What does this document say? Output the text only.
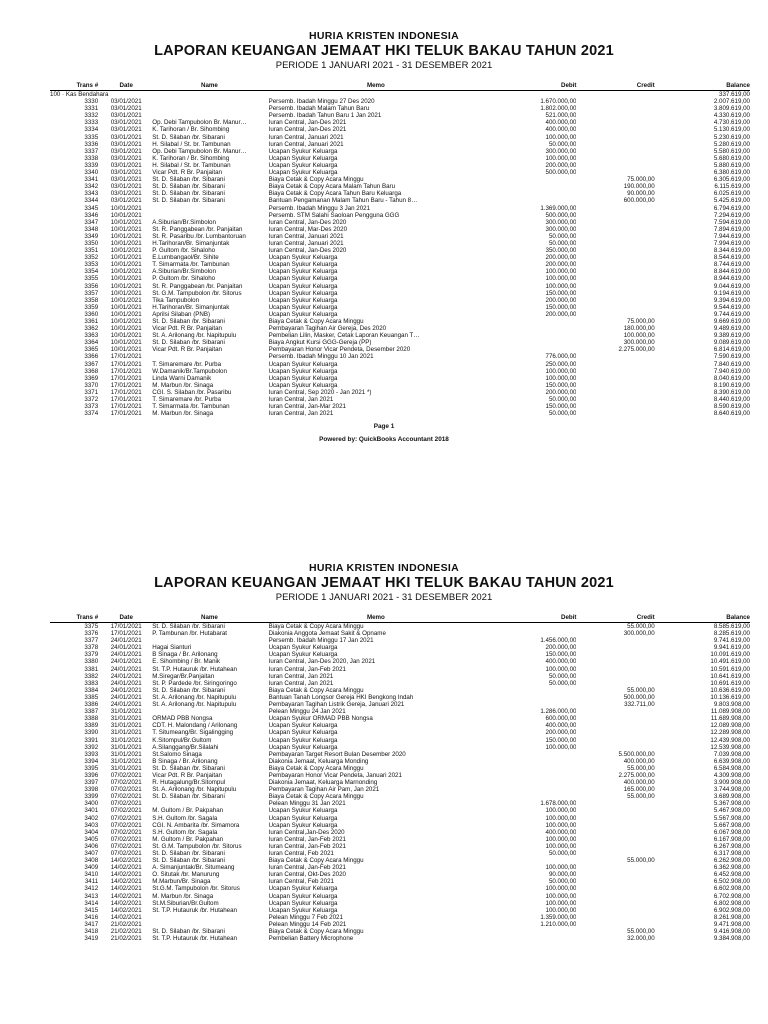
HURIA KRISTEN INDONESIA
LAPORAN KEUANGAN JEMAAT HKI TELUK BAKAU TAHUN 2021
PERIODE 1 JANUARI 2021 - 31 DESEMBER 2021
Trans #	Date	Name	Memo	Debit	Credit	Balance
100 · Kas Bendahara						337.619,00
3330	03/01/2021		Persemb. Ibadah Minggu 27 Des 2020	1.670.000,00		2.007.619,00
3331	03/01/2021		Persemb. Ibadah Malam Tahun Baru	1.802.000,00		3.809.619,00
3332	03/01/2021		Persemb. Ibadah Tahun Baru 1 Jan 2021	521.000,00		4.330.619,00
3333	03/01/2021	Op. Debi Tampubolon Br. Manur…	Iuran Central, Jan-Des 2021	400.000,00		4.730.619,00
3334	03/01/2021	K. Tarihoran / Br. Sihombing	Iuran Central, Jan-Des 2021	400.000,00		5.130.619,00
3335	03/01/2021	St. D. Silaban /br. Sibarani	Iuran Central, Januari 2021	100.000,00		5.230.619,00
3336	03/01/2021	H. Silabal / St. br. Tambunan	Iuran Central, Januari 2021	50.000,00		5.280.619,00
3337	03/01/2021	Op. Debi Tampubolon Br. Manur…	Ucapan Syukur Keluarga	300.000,00		5.580.619,00
3338	03/01/2021	K. Tarihoran / Br. Sihombing	Ucapan Syukur Keluarga	100.000,00		5.680.619,00
3339	03/01/2021	H. Silabal / St. br. Tambunan	Ucapan Syukur Keluarga	200.000,00		5.880.619,00
3340	03/01/2021	Vicar Pdt. R Br. Panjaitan	Ucapan Syukur Keluarga	500.000,00		6.380.619,00
3341	03/01/2021	St. D. Silaban /br. Sibarani	Biaya Cetak & Copy Acara Minggu		75.000,00	6.305.619,00
3342	03/01/2021	St. D. Silaban /br. Sibarani	Biaya Cetak & Copy Acara Malam Tahun Baru		190.000,00	6.115.619,00
3343	03/01/2021	St. D. Silaban /br. Sibarani	Biaya Cetak & Copy Acara Tahun Baru Keluarga		90.000,00	6.025.619,00
3344	03/01/2021	St. D. Silaban /br. Sibarani	Bantuan Pengamanan Malam Tahun Baru - Tahun 8…		600.000,00	5.425.619,00
3345	10/01/2021		Persemb. Ibadah Minggu 3 Jan 2021	1.369.000,00		6.794.619,00
3346	10/01/2021		Persemb. STM Salahi Saoloan Pengguna GGG	500.000,00		7.294.619,00
3347	10/01/2021	A.Siburian/Br.Simbolon	Iuran Central, Jan-Des 2020	300.000,00		7.594.619,00
3348	10/01/2021	St. R. Panggabean /br. Panjaitan	Iuran Central, Mar-Des 2020	300.000,00		7.894.619,00
3349	10/01/2021	St. R. Pasaribu /br. Lumbantoruan	Iuran Central, Januari 2021	50.000,00		7.944.619,00
3350	10/01/2021	H.Tarihoran/Br. Simanjuntak	Iuran Central, Januari 2021	50.000,00		7.994.619,00
3351	10/01/2021	P. Gultom /br. Sihaloho	Iuran Central, Jan-Des 2020	350.000,00		8.344.619,00
3352	10/01/2021	E.Lumbangaol/Br. Sihite	Ucapan Syukur Keluarga	200.000,00		8.544.619,00
3353	10/01/2021	T. Simarmata /br. Tambunan	Ucapan Syukur Keluarga	200.000,00		8.744.619,00
3354	10/01/2021	A.Siburian/Br.Simbolon	Ucapan Syukur Keluarga	100.000,00		8.844.619,00
3355	10/01/2021	P. Gultom /br. Sihaloho	Ucapan Syukur Keluarga	100.000,00		8.944.619,00
3356	10/01/2021	St. R. Panggabean /br. Panjaitan	Ucapan Syukur Keluarga	100.000,00		9.044.619,00
3357	10/01/2021	St. G.M. Tampubolon /br. Sitorus	Ucapan Syukur Keluarga	150.000,00		9.194.619,00
3358	10/01/2021	Tika Tampubolon	Ucapan Syukur Keluarga	200.000,00		9.394.619,00
3359	10/01/2021	H.Tarihoran/Br. Simanjuntak	Ucapan Syukur Keluarga	150.000,00		9.544.619,00
3360	10/01/2021	Aprilsi Silaban (PNB)	Ucapan Syukur Keluarga	200.000,00		9.744.619,00
3361	10/01/2021	St. D. Silaban /br. Sibarani	Biaya Cetak & Copy Acara Minggu		75.000,00	9.669.619,00
3362	10/01/2021	Vicar Pdt. R Br. Panjaitan	Pembayaran Tagihan Air Gereja, Des 2020		180.000,00	9.489.619,00
3363	10/01/2021	St. A. Arilonang /br. Napitupulu	Pembelian Lilin, Masker, Cetak Laporan Keuangan T…		100.000,00	9.389.619,00
3364	10/01/2021	St. D. Silaban /br. Sibarani	Biaya Angkut Kursi GGG-Gereja (PP)		300.000,00	9.089.619,00
3365	10/01/2021	Vicar Pdt. R Br. Panjaitan	Pembayaran Honor Vicar Pendeta, Desember 2020		2.275.000,00	6.814.619,00
3366	17/01/2021		Persemb. Ibadah Minggu 10 Jan 2021	776.000,00		7.590.619,00
3367	17/01/2021	T. Simaremare /br. Purba	Ucapan Syukur Keluarga	250.000,00		7.840.619,00
3368	17/01/2021	W.Damanik/Br.Tampubolon	Ucapan Syukur Keluarga	100.000,00		7.940.619,00
3369	17/01/2021	Linda Warni Damanik	Ucapan Syukur Keluarga	100.000,00		8.040.619,00
3370	17/01/2021	M. Marbun /br. Sinaga	Ucapan Syukur Keluarga	150.000,00		8.190.619,00
3371	17/01/2021	CGI. S. Silaban /br. Pasaribu	Iuran Central, Sep 2020 - Jan 2021 *)	200.000,00		8.390.619,00
3372	17/01/2021	T. Simaremare /br. Purba	Iuran Central, Jan 2021	50.000,00		8.440.619,00
3373	17/01/2021	T. Simarmata /br. Tambunan	Iuran Central, Jan-Mar 2021	150.000,00		8.590.619,00
3374	17/01/2021	M. Marbun /br. Sinaga	Iuran Central, Jan 2021	50.000,00		8.640.619,00
Page 1
Powered by: QuickBooks Accountant 2018
HURIA KRISTEN INDONESIA
LAPORAN KEUANGAN JEMAAT HKI TELUK BAKAU TAHUN 2021
PERIODE 1 JANUARI 2021 - 31 DESEMBER 2021
Trans #	Date	Name	Memo	Debit	Credit	Balance
3375	17/01/2021	St. D. Silaban /br. Sibarani	Biaya Cetak & Copy Acara Minggu		55.000,00	8.585.619,00
3376	17/01/2021	P. Tambunan /br. Hutabarat	Diakonia Anggota Jemaat Sakit & Opname		300.000,00	8.285.619,00
3377	24/01/2021		Persemb. Ibadah Minggu 17 Jan 2021	1.456.000,00		9.741.619,00
3378	24/01/2021	Hagai Sianturi	Ucapan Syukur Keluarga	200.000,00		9.941.619,00
3379	24/01/2021	B Sinaga / Br. Arilonang	Ucapan Syukur Keluarga	150.000,00		10.091.619,00
3380	24/01/2021	E. Sihombing / Br. Manik	Iuran Central, Jan-Des 2020, Jan 2021	400.000,00		10.491.619,00
3381	24/01/2021	St. T.P. Hutauruk /br. Hutahean	Iuran Central, Jan-Feb 2021	100.000,00		10.591.619,00
3382	24/01/2021	M.Siregar/Br.Panjaitan	Iuran Central, Jan 2021	50.000,00		10.641.619,00
3383	24/01/2021	St. P. Pardede /br. Siringoringo	Iuran Central, Jan 2021	50.000,00		10.691.619,00
3384	24/01/2021	St. D. Silaban /br. Sibarani	Biaya Cetak & Copy Acara Minggu		55.000,00	10.636.619,00
3385	24/01/2021	St. A. Arilonang /br. Napitupulu	Bantuan Tanah Longsor Gereja HKI Bengkong Indah		500.000,00	10.136.619,00
3386	24/01/2021	St. A. Arilonang /br. Napitupulu	Pembayaran Tagihan Listrik Gereja, Januari 2021		332.711,00	9.803.908,00
3387	31/01/2021		Pelean Minggu 24 Jan 2021	1.286.000,00		11.089.908,00
3388	31/01/2021	ORMAD PBB Nongsa	Ucapan Syukur ORMAD PBB Nongsa	600.000,00		11.689.908,00
3389	31/01/2021	CDT. H. Malondang / Arilonang	Ucapan Syukur Keluarga	400.000,00		12.089.908,00
3390	31/01/2021	T. Situmeang/Br. Sigalingging	Ucapan Syukur Keluarga	200.000,00		12.289.908,00
3391	31/01/2021	K.Sitompul/Br.Gultom	Ucapan Syukur Keluarga	150.000,00		12.439.908,00
3392	31/01/2021	A.Silanggang/Br.Silalahi	Ucapan Syukur Keluarga	100.000,00		12.539.908,00
3393	31/01/2021	St.Salomo Sinaga	Pembayaran Target Resort Bulan Desember 2020		5.500.000,00	7.039.908,00
3394	31/01/2021	B Sinaga / Br. Arilonang	Diakonia Jemaat, Keluarga Monding		400.000,00	6.639.908,00
3395	31/01/2021	St. D. Silaban /br. Sibarani	Biaya Cetak & Copy Acara Minggu		55.000,00	6.584.908,00
3396	07/02/2021	Vicar Pdt. R Br. Panjaitan	Pembayaran Honor Vicar Pendeta, Januari 2021		2.275.000,00	4.309.908,00
3397	07/02/2021	R. Hutagalung/Br.Sitompul	Diakonia Jemaat, Keluarga Marnonding		400.000,00	3.909.908,00
3398	07/02/2021	St. A. Arilonang /br. Napitupulu	Pembayaran Tagihan Air Pam, Jan 2021		165.000,00	3.744.908,00
3399	07/02/2021	St. D. Silaban /br. Sibarani	Biaya Cetak & Copy Acara Minggu		55.000,00	3.689.908,00
3400	07/02/2021		Pelean Minggu 31 Jan 2021	1.678.000,00		5.367.908,00
3401	07/02/2021	M. Gultom / Br. Pakpahan	Ucapan Syukur Keluarga	100.000,00		5.467.908,00
3402	07/02/2021	S.H. Gultom /br. Sagala	Ucapan Syukur Keluarga	100.000,00		5.567.908,00
3403	07/02/2021	CGI. N. Ambarita /br. Simamora	Ucapan Syukur Keluarga	100.000,00		5.667.908,00
3404	07/02/2021	S.H. Gultom /br. Sagala	Iuran Central,Jan-Des 2020	400.000,00		6.067.908,00
3405	07/02/2021	M. Gultom / Br. Pakpahan	Iuran Central, Jan-Feb 2021	100.000,00		6.167.908,00
3406	07/02/2021	St. G.M. Tampubolon /br. Sitorus	Iuran Central, Jan-Feb 2021	100.000,00		6.267.908,00
3407	07/02/2021	St. D. Silaban /br. Sibarani	Iuran Central, Feb 2021	50.000,00		6.317.908,00
3408	14/02/2021	St. D. Silaban /br. Sibarani	Biaya Cetak & Copy Acara Minggu		55.000,00	6.262.908,00
3409	14/02/2021	A. Simanjuntak/Br. Situmeang	Iuran Central, Jan-Feb 2021	100.000,00		6.362.908,00
3410	14/02/2021	O. Situtak /br. Manurung	Iuran Central, Okt-Des 2020	90.000,00		6.452.908,00
3411	14/02/2021	M.Marbun/Br. Sinaga	Iuran Central, Feb 2021	50.000,00		6.502.908,00
3412	14/02/2021	St.G.M. Tampubolon /br. Sitorus	Ucapan Syukur Keluarga	100.000,00		6.602.908,00
3413	14/02/2021	M. Marbun /br. Sinaga	Ucapan Syukur Keluarga	100.000,00		6.702.908,00
3414	14/02/2021	St.M.Siburian/Br.Gultom	Ucapan Syukur Keluarga	100.000,00		6.802.908,00
3415	14/02/2021	St. T.P. Hutauruk /br. Hutahean	Ucapan Syukur Keluarga	100.000,00		6.902.908,00
3416	14/02/2021		Pelean Minggu 7 Feb 2021	1.359.000,00		8.261.908,00
3417	21/02/2021		Pelean Minggu 14 Feb 2021	1.210.000,00		9.471.908,00
3418	21/02/2021	St. D. Silaban /br. Sibarani	Biaya Cetak & Copy Acara Minggu		55.000,00	9.416.908,00
3419	21/02/2021	St. T.P. Hutauruk /br. Hutahean	Pembelian Battery Microphone		32.000,00	9.384.908,00
